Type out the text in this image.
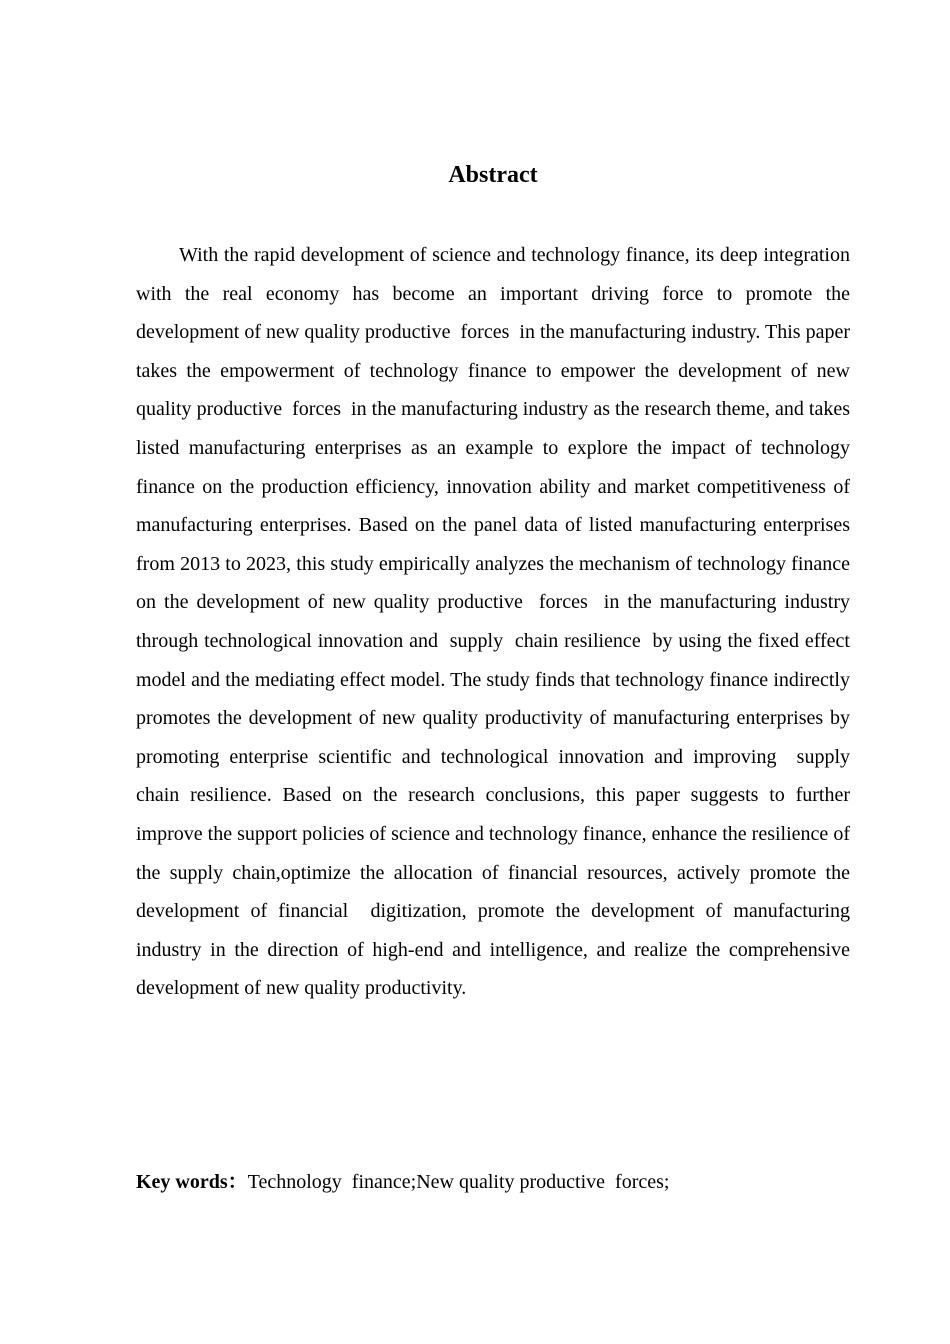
Abstract

With the rapid development of science and technology finance, its deep integration with the real economy has become an important driving force to promote the development of new quality productive  forces  in the manufacturing industry. This paper takes the empowerment of technology finance to empower the development of new quality productive  forces  in the manufacturing industry as the research theme, and takes listed manufacturing enterprises as an example to explore the impact of technology finance on the production efficiency, innovation ability and market competitiveness of manufacturing enterprises. Based on the panel data of listed manufacturing enterprises from 2013 to 2023, this study empirically analyzes the mechanism of technology finance on the development of new quality productive  forces  in the manufacturing industry through technological innovation and  supply  chain resilience  by using the fixed effect model and the mediating effect model. The study finds that technology finance indirectly promotes the development of new quality productivity of manufacturing enterprises by promoting enterprise scientific and technological innovation and improving  supply  chain resilience. Based on the research conclusions, this paper suggests to further improve the support policies of science and technology finance, enhance the resilience of the supply chain,optimize the allocation of financial resources, actively promote the development of financial  digitization, promote the development of manufacturing industry in the direction of high-end and intelligence, and realize the comprehensive development of new quality productivity.

Key words：Technology  finance;New quality productive  forces;
